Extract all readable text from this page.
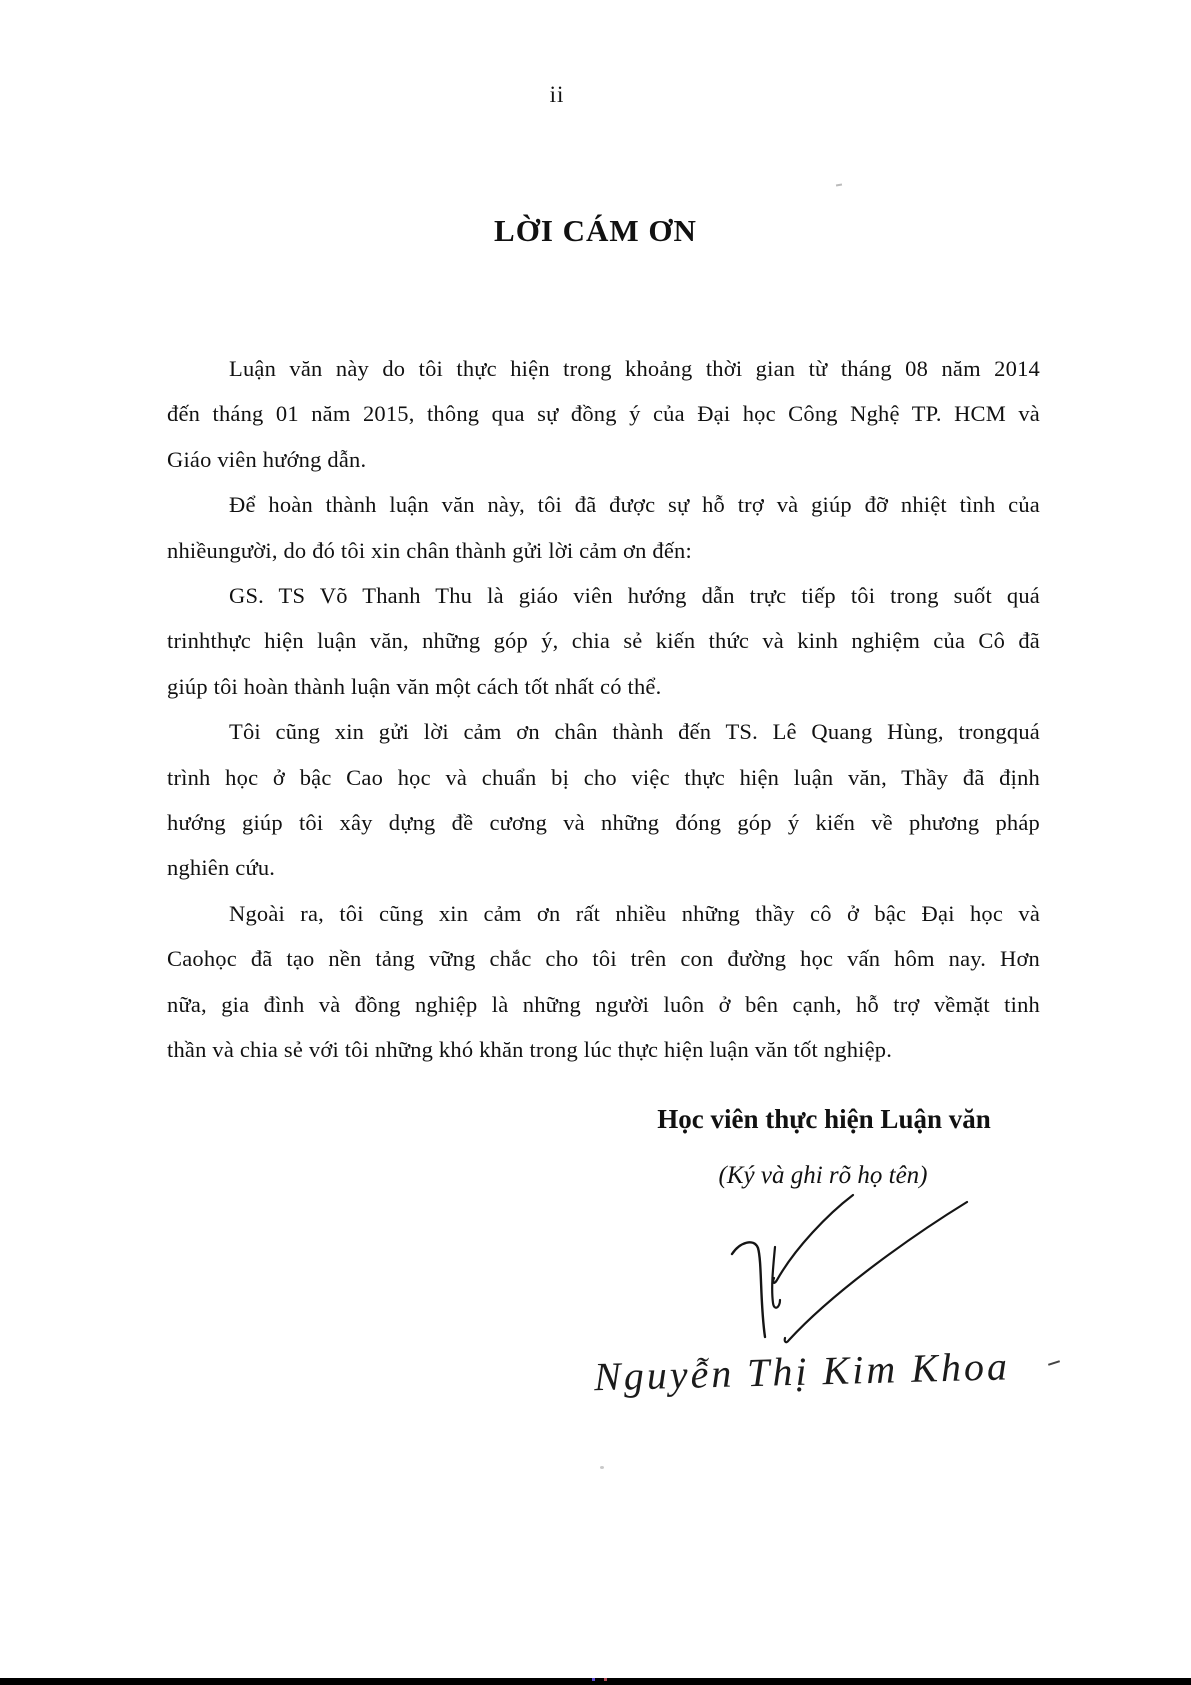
ii
LỜI CÁM ƠN
Luận văn này do tôi thực hiện trong khoảng thời gian từ tháng 08 năm 2014
đến tháng 01 năm 2015, thông qua sự đồng ý của Đại học Công Nghệ TP. HCM và
Giáo viên hướng dẫn.
Để hoàn thành luận văn này, tôi đã được sự hỗ trợ và giúp đỡ nhiệt tình của
nhiềungười, do đó tôi xin chân thành gửi lời cảm ơn đến:
GS. TS Võ Thanh Thu là giáo viên hướng dẫn trực tiếp tôi trong suốt quá
trinhthực hiện luận văn, những góp ý, chia sẻ kiến thức và kinh nghiệm của Cô đã
giúp tôi hoàn thành luận văn một cách tốt nhất có thể.
Tôi cũng xin gửi lời cảm ơn chân thành đến TS. Lê Quang Hùng, trongquá
trình học ở bậc Cao học và chuẩn bị cho việc thực hiện luận văn, Thầy đã định
hướng giúp tôi xây dựng đề cương và những đóng góp ý kiến về phương pháp
nghiên cứu.
Ngoài ra, tôi cũng xin cảm ơn rất nhiều những thầy cô ở bậc Đại học và
Caohọc đã tạo nền tảng vững chắc cho tôi trên con đường học vấn hôm nay. Hơn
nữa, gia đình và đồng nghiệp là những người luôn ở bên cạnh, hỗ trợ vềmặt tinh
thần và chia sẻ với tôi những khó khăn trong lúc thực hiện luận văn tốt nghiệp.
Học viên thực hiện Luận văn
(Ký và ghi rõ họ tên)
Nguyễn Thị Kim Khoa
